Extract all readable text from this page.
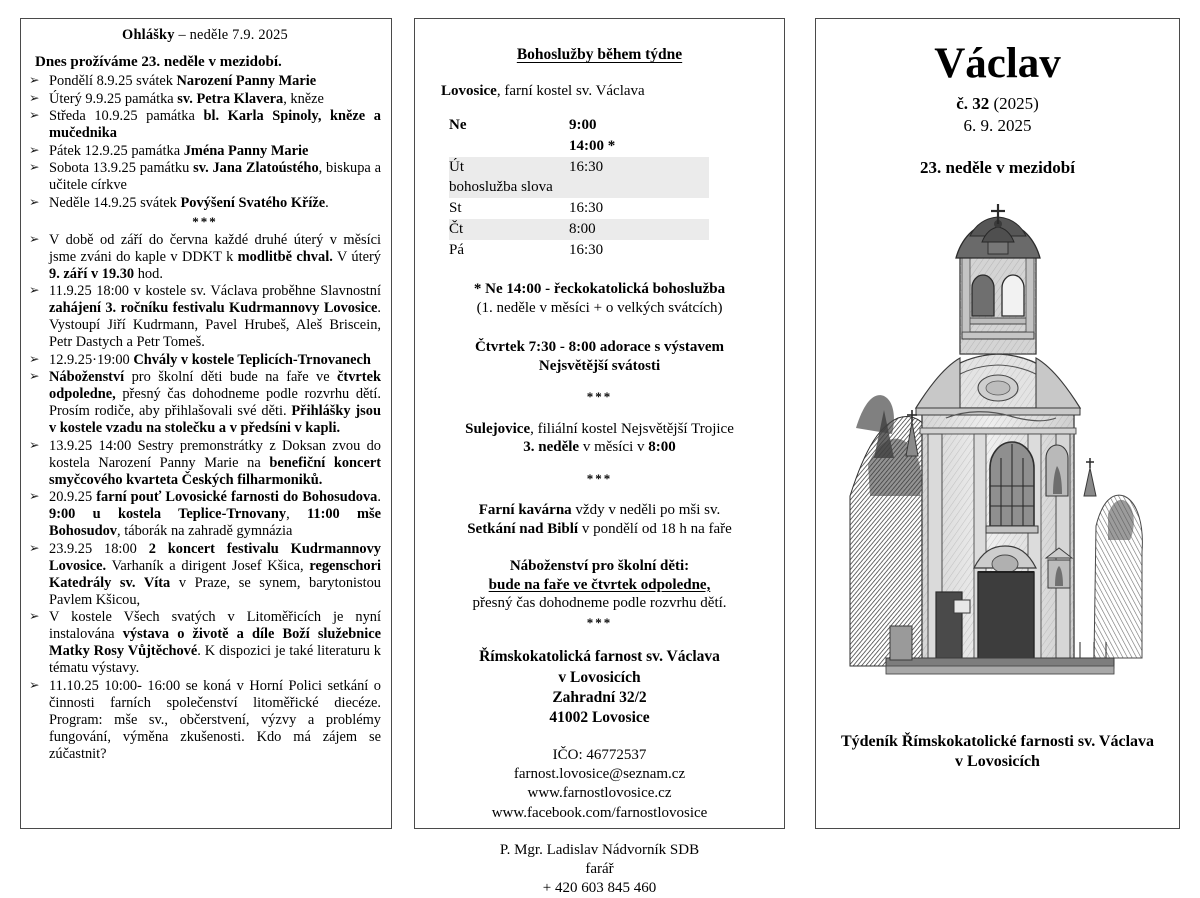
Ohlášky – neděle 7.9. 2025
Dnes prožíváme 23. neděle v mezidobí.
➢ Pondělí 8.9.25 svátek Narození Panny Marie
➢ Úterý 9.9.25 památka sv. Petra Klavera, kněze
➢ Středa 10.9.25 památka bl. Karla Spinoly, kněze a mučednika
➢ Pátek 12.9.25 památka Jména Panny Marie
➢ Sobota 13.9.25 památku sv. Jana Zlatoústého, biskupa a učitele církve
➢ Neděle 14.9.25 svátek Povýšení Svatého Kříže.
***
➢ V době od září do června každé druhé úterý v měsíci jsme zváni do kaple v DDKT k modlitbě chval. V úterý 9. září v 19.30 hod.
➢ 11.9.25 18:00 v kostele sv. Václava proběhne Slavnostní zahájení 3. ročníku festivalu Kudrmannovy Lovosice. Vystoupí Jiří Kudrmann, Pavel Hrubeš, Aleš Briscein, Petr Dastych a Petr Tomeš.
➢ 12.9.25·19:00 Chvály v kostele Teplicích-Trnovanech
➢ Náboženství pro školní děti bude na faře ve čtvrtek odpoledne, přesný čas dohodneme podle rozvrhu dětí. Prosím rodiče, aby přihlašovali své děti. Přihlášky jsou v kostele vzadu na stolečku a v předsíni v kapli.
➢ 13.9.25 14:00 Sestry premonstrátky z Doksan zvou do kostela Narození Panny Marie na benefiční koncert smyčcového kvarteta Českých filharmoniků.
➢ 20.9.25 farní pouť Lovosické farnosti do Bohosudova. 9:00 u kostela Teplice-Trnovany, 11:00 mše Bohosudov, táborák na zahradě gymnázia
➢ 23.9.25 18:00 2 koncert festivalu Kudrmannovy Lovosice. Varhaník a dirigent Josef Kšica, regenschori Katedrály sv. Víta v Praze, se synem, barytonistou Pavlem Kšicou,
➢ V kostele Všech svatých v Litoměřicích je nyní instalována výstava o životě a díle Boží služebnice Matky Rosy Vůjtěchové. K dispozici je také literaturu k tématu výstavy.
➢ 11.10.25 10:00- 16:00 se koná v Horní Polici setkání o činnosti farních společenství litoměřické diecéze. Program: mše sv., občerstvení, výzvy a problémy fungování, výměna zkušenosti. Kdo má zájem se zúčastnit?
Bohoslužby během týdne
Lovosice, farní kostel sv. Václava
Ne	9:00
	14:00 *
Út	16:30
bohoslužba slova	
St	16:30
Čt	8:00
Pá	16:30
* Ne 14:00 - řeckokatolická bohoslužba
(1. neděle v měsíci + o velkých svátcích)
Čtvrtek 7:30 - 8:00 adorace s výstavem
Nejsvětější svátosti
***
Sulejovice, filiální kostel Nejsvětější Trojice
3. neděle v měsíci v 8:00
***
Farní kavárna vždy v neděli po mši sv.
Setkání nad Biblí v pondělí od 18 h na faře
Náboženství pro školní děti:
bude na faře ve čtvrtek odpoledne,
přesný čas dohodneme podle rozvrhu dětí.
***
Římskokatolická farnost sv. Václava
v Lovosicích
Zahradní 32/2
41002 Lovosice
IČO: 46772537
farnost.lovosice@seznam.cz
www.farnostlovosice.cz
www.facebook.com/farnostlovosice
P. Mgr. Ladislav Nádvorník SDB
farář
+ 420 603 845 460
Václav
č. 32 (2025)
6. 9. 2025
23. neděle v mezidobí
Týdeník Římskokatolické farnosti sv. Václava
v Lovosicích
